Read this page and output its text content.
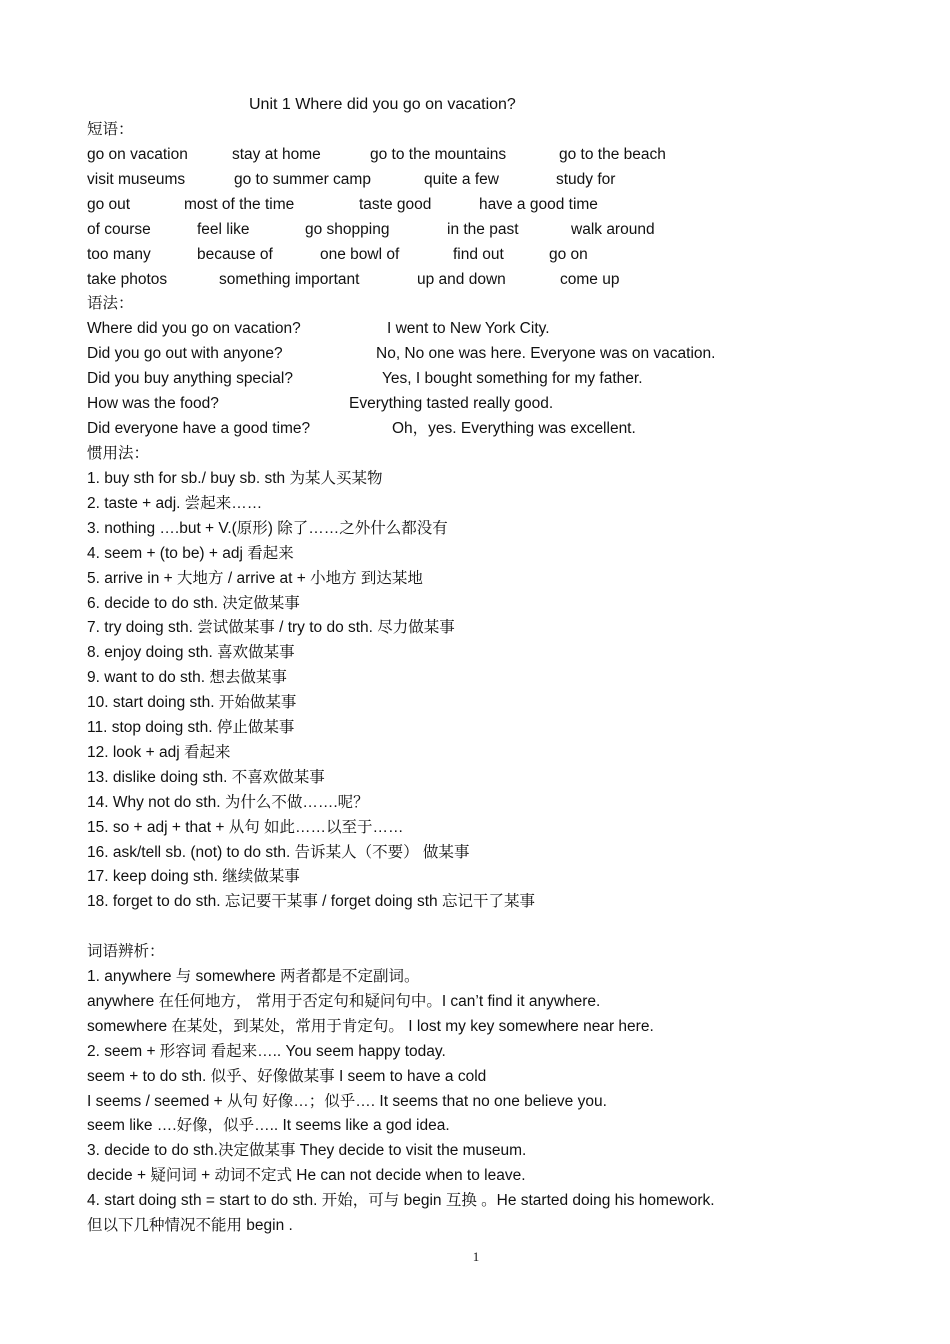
Unit 1 Where did you go on vacation?
短语：
go on vacation	stay at home	go to the mountains	go to the beach
visit museums	go to summer camp	quite a few	study for
go out	most of the time	taste good	have a good time
of course	feel like	go shopping	in the past	walk around
too many	because of	one bowl of	find out	go on
take photos	something important	up and down	come up
语法：
Where did you go on vacation?	I went to New York City.
Did you go out with anyone?	No, No one was here. Everyone was on vacation.
Did you buy anything special?	Yes, I bought something for my father.
How was the food?	Everything tasted really good.
Did everyone have a good time?	Oh，yes. Everything was excellent.
惯用法：
1. buy sth for sb./ buy sb. sth 为某人买某物
2. taste + adj. 尝起来……
3. nothing ….but + V.(原形) 除了……之外什么都没有
4. seem + (to be) + adj 看起来
5. arrive in + 大地方 / arrive at + 小地方 到达某地
6. decide to do sth. 决定做某事
7. try doing sth. 尝试做某事 / try to do sth. 尽力做某事
8. enjoy doing sth. 喜欢做某事
9. want to do sth. 想去做某事
10. start doing sth. 开始做某事
11. stop doing sth. 停止做某事
12. look + adj 看起来
13. dislike doing sth. 不喜欢做某事
14. Why not do sth. 为什么不做…….呢？
15. so + adj + that + 从句 如此……以至于……
16. ask/tell sb. (not) to do sth. 告诉某人（不要） 做某事
17. keep doing sth. 继续做某事
18. forget to do sth. 忘记要干某事 / forget doing sth 忘记干了某事
词语辨析：
1. anywhere 与 somewhere 两者都是不定副词。
anywhere 在任何地方， 常用于否定句和疑问句中。I can’t find it anywhere.
somewhere 在某处，到某处，常用于肯定句。 I lost my key somewhere near here.
2. seem + 形容词 看起来….. You seem happy today.
seem + to do sth. 似乎、好像做某事 I seem to have a cold
I seems / seemed + 从句 好像…；似乎…. It seems that no one believe you.
seem like ….好像，似乎….. It seems like a god idea.
3. decide to do sth.决定做某事 They decide to visit the museum.
decide + 疑问词 + 动词不定式 He can not decide when to leave.
4. start doing sth = start to do sth. 开始，可与 begin 互换 。He started doing his homework.
但以下几种情况不能用 begin .
1
